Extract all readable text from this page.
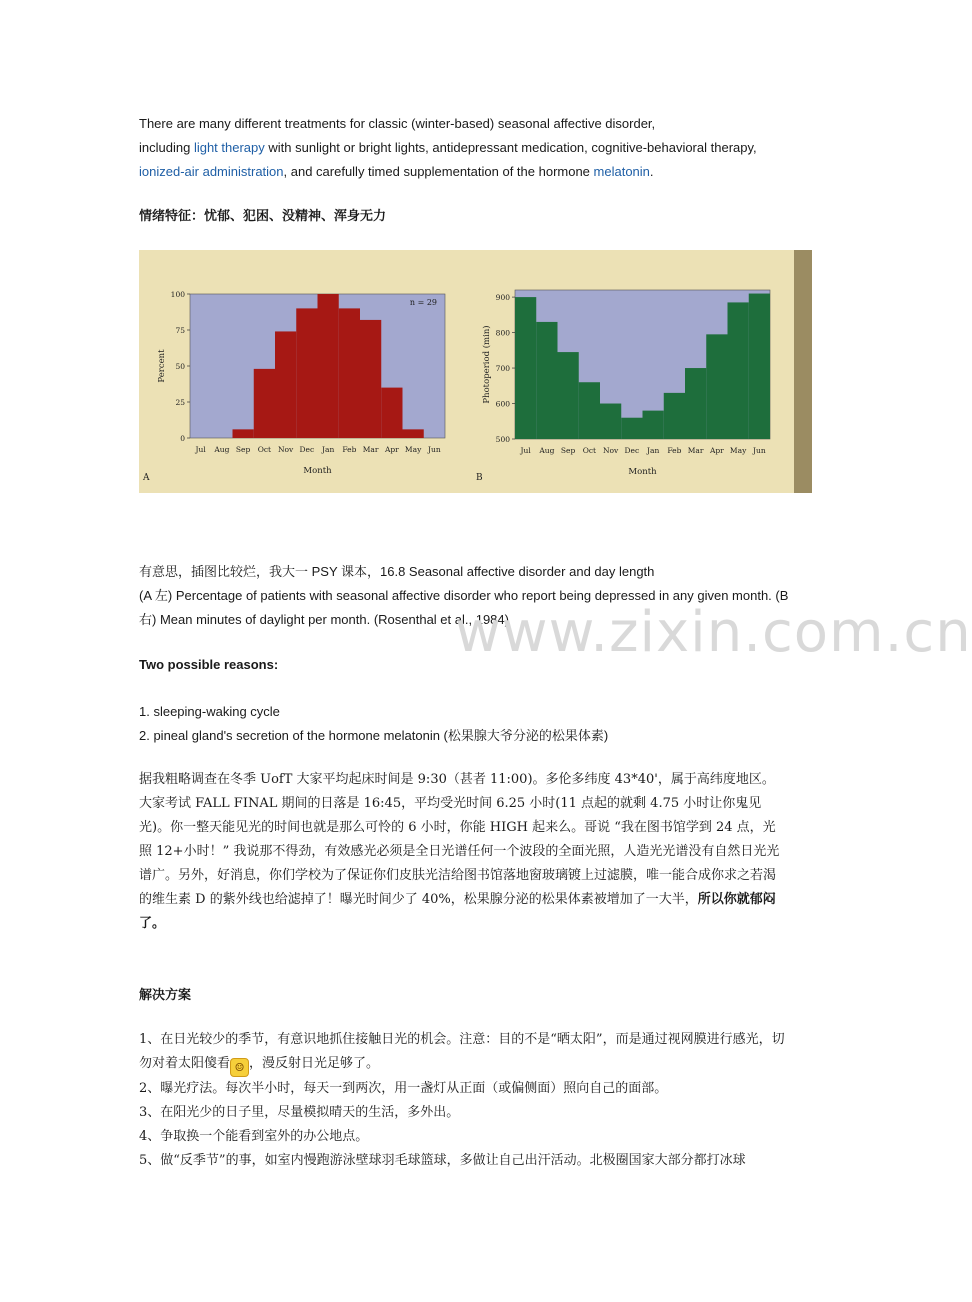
There are many different treatments for classic (winter-based) seasonal affective disorder,
including light therapy with sunlight or bright lights, antidepressant medication, cognitive-behavioral therapy, ionized-air administration, and carefully timed supplementation of the hormone melatonin.
情绪特征：忧郁、犯困、没精神、浑身无力
Jul Aug Sep Oct Nov Dec Jan Feb Mar Apr May Jun
0
25
50
75
100
Month
Percent
n = 29
Jul Aug Sep Oct Nov Dec Jan Feb Mar Apr May Jun
500
600
700
800
900
Month
Photoperiod (min)
A	B
有意思，插图比较烂，我大一 PSY 课本，16.8 Seasonal affective disorder and day length
(A 左) Percentage of patients with seasonal affective disorder who report being depressed in any given month. (B 右) Mean minutes of daylight per month. (Rosenthal et al., 1984)
www.zixin.com.cn
Two possible reasons:
1. sleeping-waking cycle
2. pineal gland's secretion of the hormone melatonin (松果腺大爷分泌的松果体素)
据我粗略调查在冬季 UofT 大家平均起床时间是 9:30（甚者 11:00)。多伦多纬度 43*40'，属于高纬度地区。大家考试 FALL FINAL 期间的日落是 16:45，平均受光时间 6.25 小时(11 点起的就剩 4.75 小时让你鬼见光)。你一整天能见光的时间也就是那么可怜的 6 小时，你能 HIGH 起来么。哥说 “我在图书馆学到 24 点，光照 12+小时！” 我说那不得劲，有效感光必须是全日光谱任何一个波段的全面光照，人造光光谱没有自然日光光谱广。另外，好消息，你们学校为了保证你们皮肤光洁给图书馆落地窗玻璃镀上过滤膜，唯一能合成你求之若渴的维生素 D 的紫外线也给滤掉了！曝光时间少了 40%，松果腺分泌的松果体素被增加了一大半，所以你就郁闷了。
解决方案
1、在日光较少的季节，有意识地抓住接触日光的机会。注意：目的不是“晒太阳”，而是通过视网膜进行感光，切勿对着太阳傻看 ☺ ，漫反射日光足够了。
2、曝光疗法。每次半小时，每天一到两次，用一盏灯从正面（或偏侧面）照向自己的面部。
3、在阳光少的日子里，尽量模拟晴天的生活，多外出。
4、争取换一个能看到室外的办公地点。
5、做“反季节”的事，如室内慢跑游泳壁球羽毛球篮球，多做让自己出汗活动。北极圈国家大部分都打冰球
